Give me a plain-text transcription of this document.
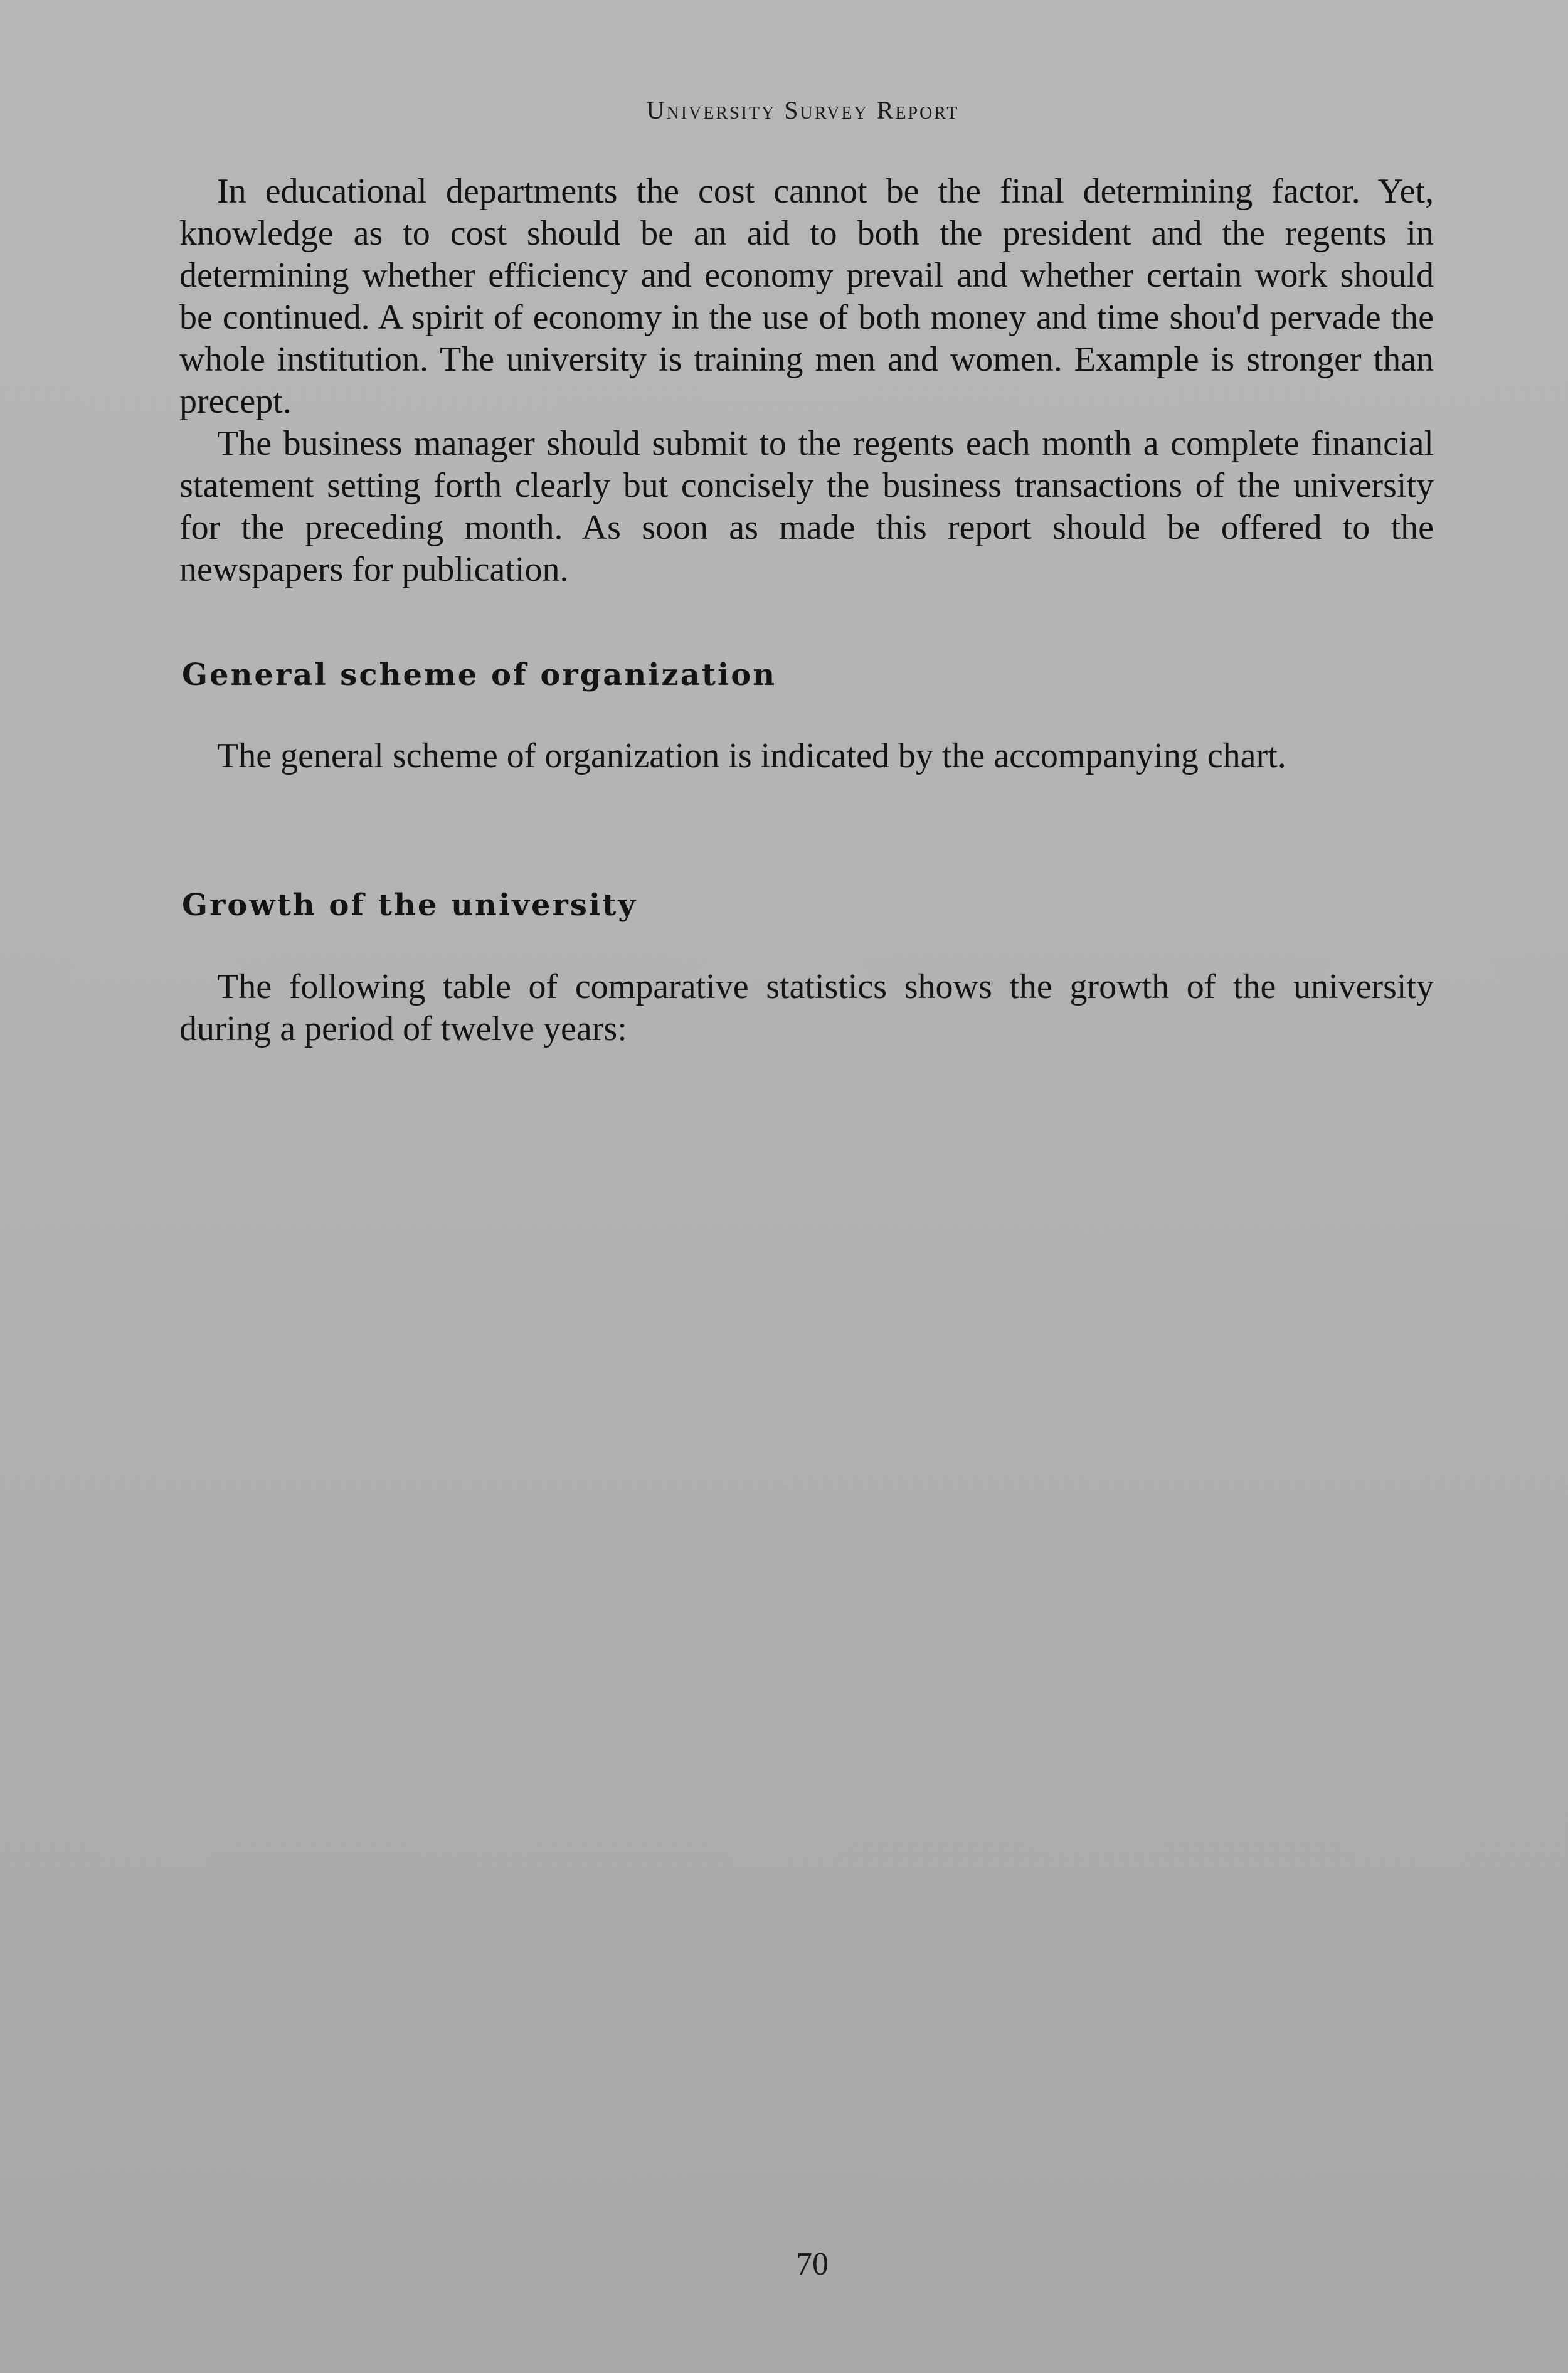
University Survey Report

In educational departments the cost cannot be the final determining factor. Yet, knowledge as to cost should be an aid to both the president and the regents in determining whether efficiency and economy prevail and whether certain work should be continued. A spirit of economy in the use of both money and time shou'd pervade the whole institution. The university is training men and women. Example is stronger than precept.

The business manager should submit to the regents each month a complete financial statement setting forth clearly but concisely the business transactions of the university for the preceding month. As soon as made this report should be offered to the newspapers for publication.

General scheme of organization

The general scheme of organization is indicated by the accompanying chart.

Growth of the university

The following table of comparative statistics shows the growth of the university during a period of twelve years:

70
